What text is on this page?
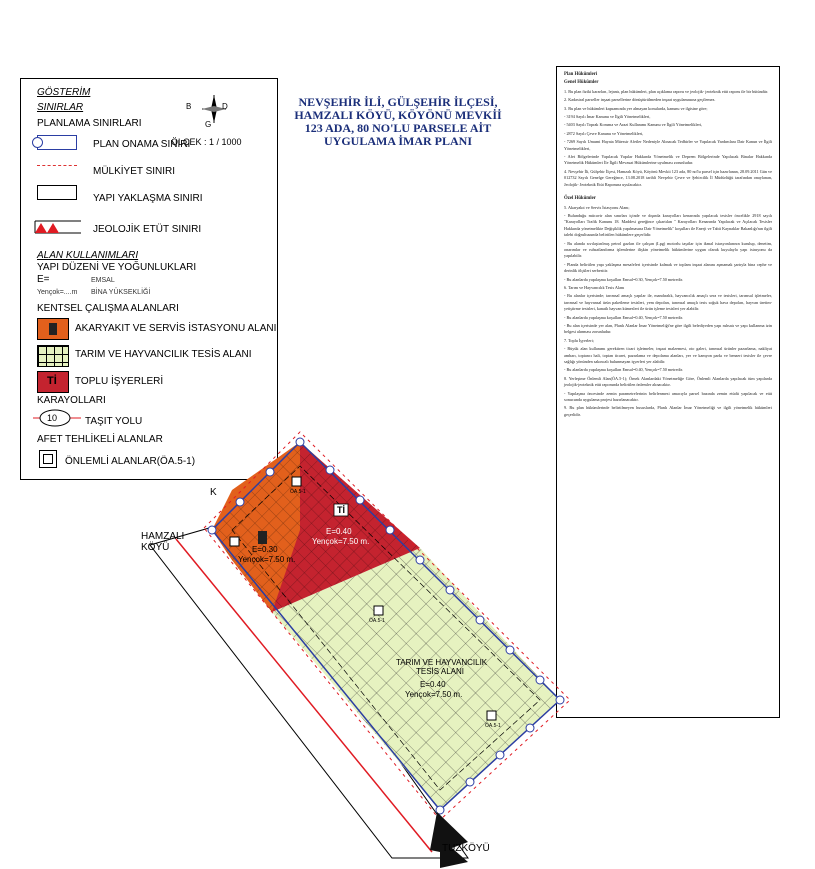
GÖSTERİM
SINIRLAR
PLANLAMA SINIRLARI
B	D
G
ÖLÇEK : 1 / 1000
PLAN ONAMA SINIRI
MÜLKİYET SINIRI
YAPI YAKLAŞMA SINIRI
JEOLOJİK ETÜT SINIRI
ALAN KULLANIMLARI
YAPI DÜZENİ VE YOĞUNLUKLARI
E=	EMSAL
Yençok=....m BİNA YÜKSEKLİĞİ
KENTSEL ÇALIŞMA ALANLARI
AKARYAKIT VE SERVİS İSTASYONU ALANI
TARIM VE HAYVANCILIK TESİS ALANI
Tİ TOPLU İŞYERLERİ
KARAYOLLARI
10	TAŞIT YOLU
AFET TEHLİKELİ ALANLAR
ÖNLEMLİ ALANLAR(ÖA.5-1)
NEVŞEHİR İLİ, GÜLŞEHİR İLÇESİ,
HAMZALI KÖYÜ, KÖYÖNÜ MEVKİİ
123 ADA, 80 NO'LU PARSELE AİT
UYGULAMA İMAR PLANI

Plan Hükümleri

Genel Hükümler

1. Bu plan fiziki kararları, lejantı, plan hükümleri, plan açıklama raporu ve jeolojik- jeoteknik etüt raporu ile bir bütündür.

2. Kadastral parseller inşaat parsellerine dönüştürülmeden inşaat uygulamasına geçilemez.

3. Bu plan ve hükümleri kapsamında yer almayan konularda, kanunu ve ilgisine göre;

- 3194 Sayılı İmar Kanunu ve İlgili Yönetmelikleri,

- 5403 Sayılı Toprak Koruma ve Arazi Kullanımı Kanunu ve İlgili Yönetmelikleri,

- 2872 Sayılı Çevre Kanunu ve Yönetmelikleri,

- 7269 Sayılı Umumi Hayata Müessir Afetler Nedeniyle Alınacak Tedbirler ve Yapılacak Yardımlara Dair Kanun ve İlgili Yönetmelikleri,

- Afet Bölgelerinde Yapılacak Yapılar Hakkında Yönetmelik ve Deprem Bölgelerinde Yapılacak Binalar Hakkında Yönetmelik Hükümleri İle İlgili Mevzuat Hükümlerine uyulması zorunludur.

4. Nevşehir İli, Gülşehir İlçesi, Hamzalı Köyü, Köyönü Mevkii 123 ada, 80 no'lu parsel için hazırlanan, 28.09.2011 Gün ve 012732 Sayılı Genelge Gereğince, 13.08.2018 tarihli Nevşehir Çevre ve Şehircilik İl Müdürlüğü tarafından onaylanan, Jeolojik- Jeoteknik Etüt Raporuna uyulacaktır.

Özel Hükümler

5. Akaryakıt ve Servis İstasyonu Alanı;

- Bulunduğu mücavir alan sınırları içinde ve dışında karayolları kenarında yapılacak tesisler öncelikle 2918 sayılı "Karayolları Trafik Kanunu 18. Maddesi gereğince çıkartılan " Karayolları Kenarında Yapılacak ve Açılacak Tesisler Hakkında yönetmelikte Değişiklik yapılmasına Dair Yönetmelik" koşulları ile Enerji ve Tabii Kaynaklar Bakanlığı'nın ilgili talebi doğrultusunda belirtilen hükümlere geçerlidir.

- Bu alanda sıvılaştırılmış petrol gazları ile çalışan (Lpg) motorlu taşıtlar için ikmal istasyonlarının kurulup, denetim, onarımlar ve ruhsatlandırma işlemlerine ilişkin yönetmelik hükümlerine uygun olarak kuyulayla yapı istasyonu da yapılabilir.

- Planda belirtilen yapı yaklaşma mesafeleri içerisinde kalmak ve toplam inşaat alanını aşmamak şartıyla bina cephe ve derinlik ölçüleri serbesttir.

- Bu alanlarda yapılaşma koşulları Emsal=0.30, Yençok=7.50 metredir.

6. Tarım ve Hayvancılık Tesis Alanı

- Bu alanlar içerisinde; tarımsal amaçlı yapılar ile, mandıralık, hayvancılık amaçlı sera ve tesisleri, tarımsal işletmeler, tarımsal ve hayvansal ürün paketleme tesisleri, yem depoları, tarımsal amaçlı tesis soğuk hava depoları, hayvan üretim-yetiştirme tesisleri, kanatlı hayvan kümesleri ile ürün işleme tesisleri yer alabilir.

- Bu alanlarda yapılaşma koşulları Emsal=0.40, Yençok=7.50 metredir.

- Bu alan içerisinde yer alan, Planlı Alanlar İmar Yönetmeliği'ne göre ilgili belediyeden yapı ruhsatı ve yapı kullanma izin belgesi alınması zorunludur.

7. Toplu İşyerleri;

- Büyük alan kullanımı gerektiren ticari işletmeler, inşaat malzemesi, oto galeri, tarımsal ürünler pazarlama, nakliyat ambarı, toptancı hali, toptan ticaret, pazarlama ve depolama alanları, yer ve kamyon parkı ve benzeri tesisler ile çevre sağlığı yönünden sakıncalı bulunmayan işyerleri yer alabilir.

- Bu alanlarda yapılaşma koşulları Emsal=0.40, Yençok=7.50 metredir.

8. Yerleşime Önlemli Alan(ÖA.5-1); Örnek Alanlardaki Yönetmeliğe Göre, Önlemli Alanlarda yapılacak tüm yapılarda jeolojik-jeoteknik etüt raporunda belirtilen önlemler alınacaktır.

- Yapılaşma öncesinde zemin parametrelerinin belirlenmesi amacıyla parsel bazında zemin etüdü yapılacak ve etüt sonucunda uygulama projesi hazırlanacaktır.

9. Bu plan hükümlerinde belirtilmeyen hususlarda, Planlı Alanlar İmar Yönetmeliği ve ilgili yönetmelik hükümleri geçerlidir.

K
HAMZALI
KÖYÜ
TUZKÖYÜ
E=0.30
Yençok=7.50 m.
Tİ
E=0.40
Yençok=7.50 m.
TARIM VE HAYVANCILIK
TESİS ALANI
E=0.40
Yençok=7.50 m.
ÖA.5-1
ÖA.5-1
ÖA.5-1
